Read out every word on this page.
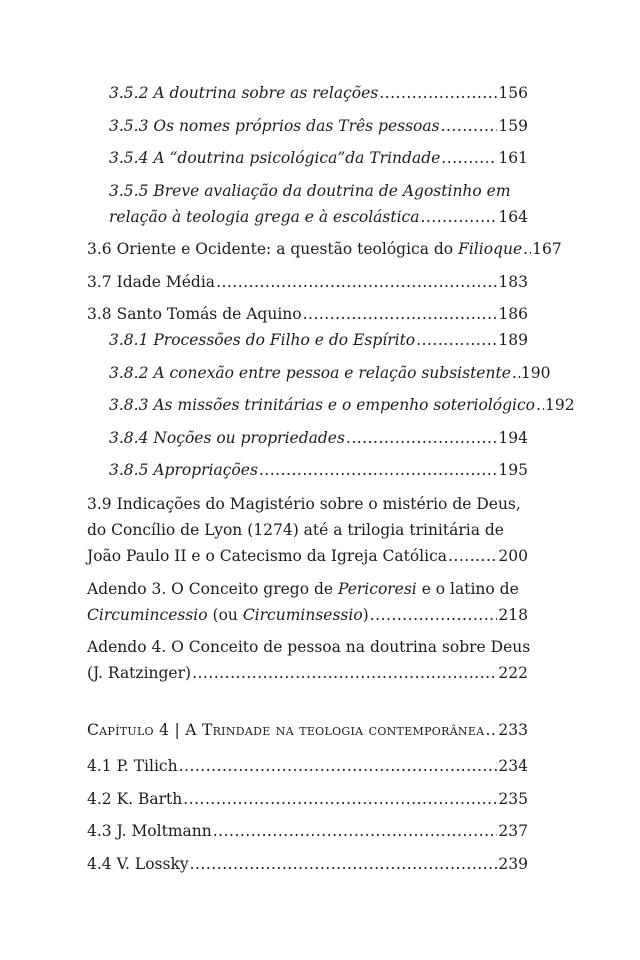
3.5.2 A doutrina sobre as relações .....	156
3.5.3 Os nomes próprios das Três pessoas .....	159
3.5.4 A “doutrina psicológica”da Trindade .....	161
3.5.5 Breve avaliação da doutrina de Agostinho em
relação à teologia grega e à escolástica .....	164
3.6 Oriente e Ocidente: a questão teológica do Filioque ..... 167
3.7 Idade Média .....	183
3.8 Santo Tomás de Aquino .....	186
3.8.1 Processões do Filho e do Espírito .....	189
3.8.2 A conexão entre pessoa e relação subsistente ..... 190
3.8.3 As missões trinitárias e o empenho soteriológico ..... 192
3.8.4 Noções ou propriedades .....	194
3.8.5 Apropriações .....	195
3.9 Indicações do Magistério sobre o mistério de Deus,
do Concílio de Lyon (1274) até a trilogia trinitária de
João Paulo II e o Catecismo da Igreja Católica .....	200
Adendo 3. O Conceito grego de Pericoresi e o latino de
Circumincessio (ou Circuminsessio) .....	218
Adendo 4. O Conceito de pessoa na doutrina sobre Deus
(J. Ratzinger) .....	222
Capítulo 4 | A Trindade na teologia contemporânea ..... 233
4.1 P. Tilich .....	234
4.2 K. Barth .....	235
4.3 J. Moltmann .....	237
4.4 V. Lossky .....	239
